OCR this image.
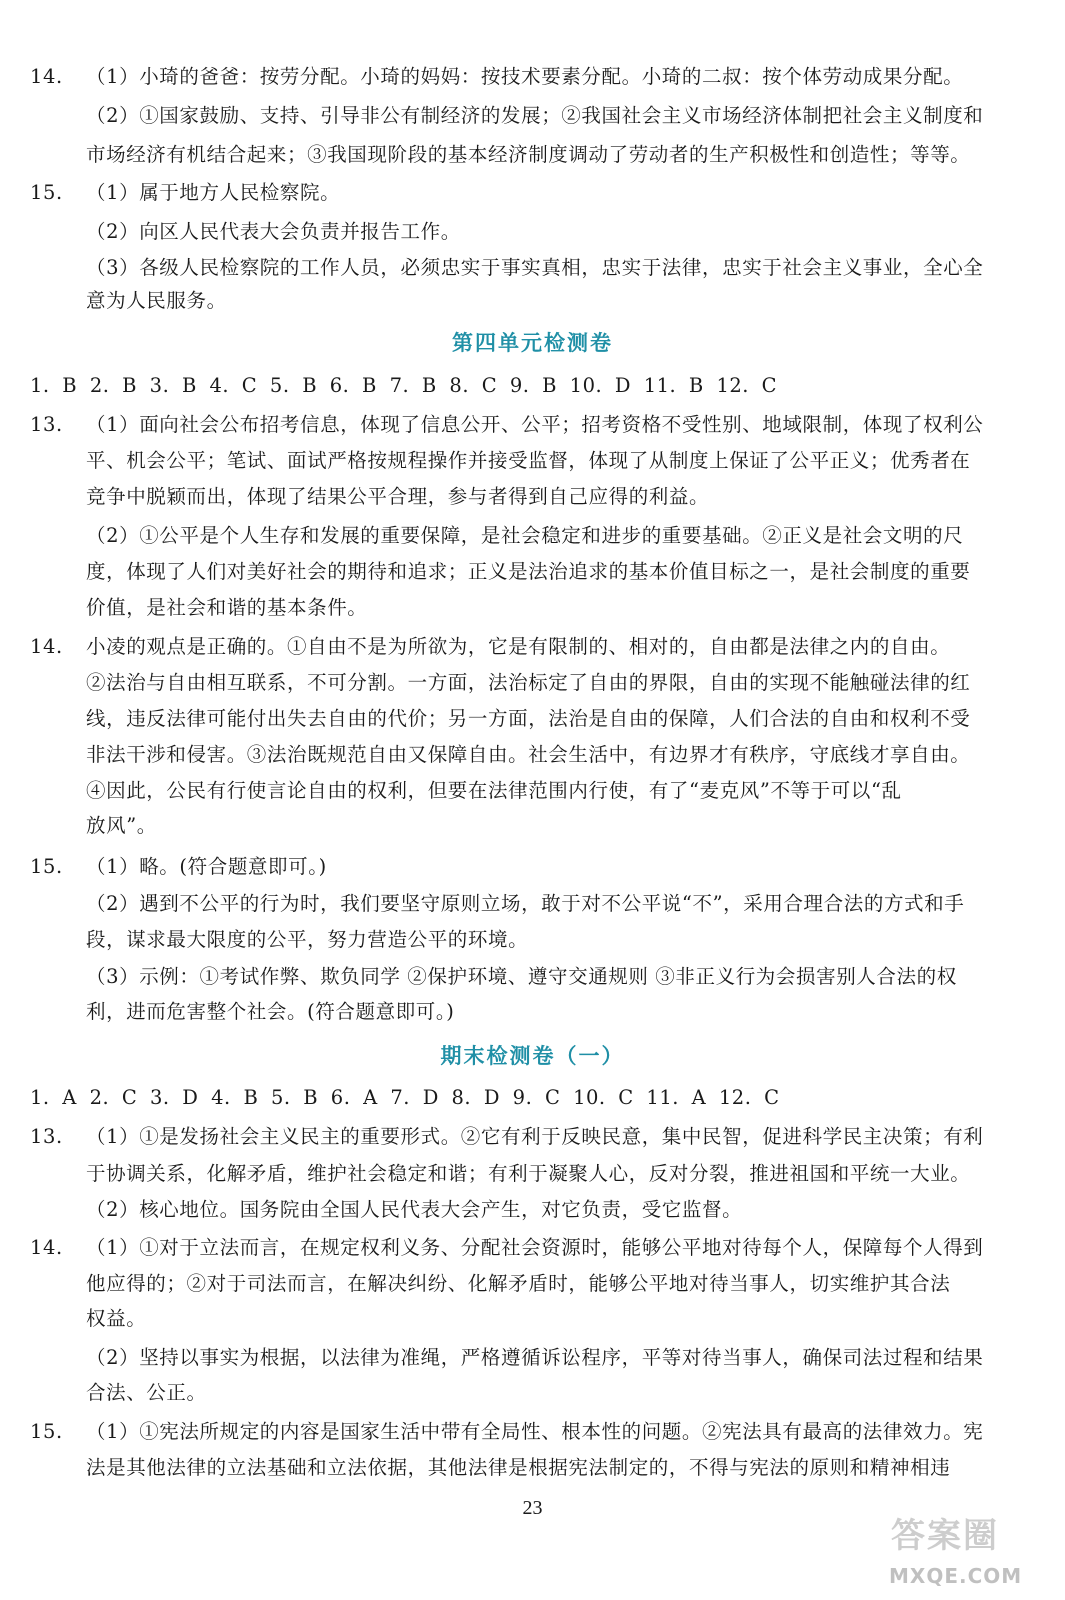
14. （1）小琦的爸爸：按劳分配。小琦的妈妈：按技术要素分配。小琦的二叔：按个体劳动成果分配。
（2）①国家鼓励、支持、引导非公有制经济的发展；②我国社会主义市场经济体制把社会主义制度和
市场经济有机结合起来；③我国现阶段的基本经济制度调动了劳动者的生产积极性和创造性；等等。
15. （1）属于地方人民检察院。
（2）向区人民代表大会负责并报告工作。
（3）各级人民检察院的工作人员，必须忠实于事实真相，忠实于法律，忠实于社会主义事业，全心全
意为人民服务。
第四单元检测卷
1. B 2. B 3. B 4. C 5. B 6. B 7. B 8. C 9. B 10. D 11. B 12. C
13. （1）面向社会公布招考信息，体现了信息公开、公平；招考资格不受性别、地域限制，体现了权利公
平、机会公平；笔试、面试严格按规程操作并接受监督，体现了从制度上保证了公平正义；优秀者在
竞争中脱颖而出，体现了结果公平合理，参与者得到自己应得的利益。
（2）①公平是个人生存和发展的重要保障，是社会稳定和进步的重要基础。②正义是社会文明的尺
度，体现了人们对美好社会的期待和追求；正义是法治追求的基本价值目标之一，是社会制度的重要
价值，是社会和谐的基本条件。
14. 小凌的观点是正确的。①自由不是为所欲为，它是有限制的、相对的，自由都是法律之内的自由。
②法治与自由相互联系，不可分割。一方面，法治标定了自由的界限，自由的实现不能触碰法律的红
线，违反法律可能付出失去自由的代价；另一方面，法治是自由的保障，人们合法的自由和权利不受
非法干涉和侵害。③法治既规范自由又保障自由。社会生活中，有边界才有秩序，守底线才享自由。
④因此，公民有行使言论自由的权利，但要在法律范围内行使，有了“麦克风”不等于可以“乱
放风”。
15. （1）略。(符合题意即可。)
（2）遇到不公平的行为时，我们要坚守原则立场，敢于对不公平说“不”，采用合理合法的方式和手
段，谋求最大限度的公平，努力营造公平的环境。
（3）示例：①考试作弊、欺负同学 ②保护环境、遵守交通规则 ③非正义行为会损害别人合法的权
利，进而危害整个社会。(符合题意即可。)
期末检测卷（一）
1. A 2. C 3. D 4. B 5. B 6. A 7. D 8. D 9. C 10. C 11. A 12. C
13. （1）①是发扬社会主义民主的重要形式。②它有利于反映民意，集中民智，促进科学民主决策；有利
于协调关系，化解矛盾，维护社会稳定和谐；有利于凝聚人心，反对分裂，推进祖国和平统一大业。
（2）核心地位。国务院由全国人民代表大会产生，对它负责，受它监督。
14. （1）①对于立法而言，在规定权利义务、分配社会资源时，能够公平地对待每个人，保障每个人得到
他应得的；②对于司法而言，在解决纠纷、化解矛盾时，能够公平地对待当事人，切实维护其合法
权益。
（2）坚持以事实为根据，以法律为准绳，严格遵循诉讼程序，平等对待当事人，确保司法过程和结果
合法、公正。
15. （1）①宪法所规定的内容是国家生活中带有全局性、根本性的问题。②宪法具有最高的法律效力。宪
法是其他法律的立法基础和立法依据，其他法律是根据宪法制定的，不得与宪法的原则和精神相违
23
答案圈
MXQE.COM
